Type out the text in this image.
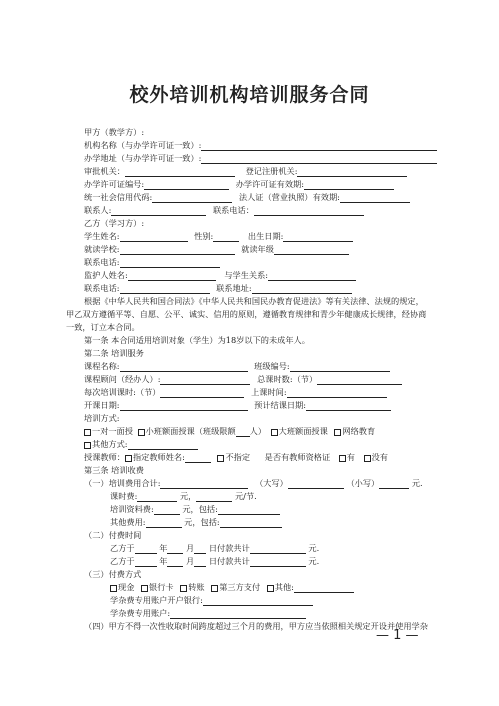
校外培训机构培训服务合同
甲方（教学方）:
机构名称（与办学许可证一致）:
办学地址（与办学许可证一致）:
审批机关：	登记注册机关:
办学许可证编号:	办学许可证有效期:
统一社会信用代码:	法人证（营业执照）有效期:
联系人:	联系电话：
乙方（学习方）:
学生姓名:	性别:	出生日期:
就读学校:	就读年级
联系电话:
监护人姓名:	与学生关系:
联系电话:	联系地址:
根据《中华人民共和国合同法》《中华人民共和国民办教育促进法》等有关法律、法规的规定，
甲乙双方遵循平等、自愿、公平、诚实、信用的原则，遵循教育规律和青少年健康成长规律，经协商
一致，订立本合同。
第一条 本合同适用培训对象（学生）为18岁以下的未成年人。
第二条 培训服务
课程名称:	班级编号:
课程顾问（经办人）:	总课时数:（节）
每次培训课时:（节）	上课时间:
开课日期:	预计结课日期:
培训方式:
一对一面授 小班额面授课（班级限额 人） 大班额面授课 网络教育
其他方式:
授课教师： 指定教师姓名:	不指定 是否有教师资格证 有 没有
第三条 培训收费
（一）培训费用合计:	（大写）	（小写）	元.
课时费:	元，	元/节.
培训资料费:	元，包括:
其他费用:	元，包括:
（二）付费时间
乙方于	年 月 日付款共计	元.
乙方于	年 月 日付款共计	元.
（三）付费方式
现金 银行卡 转账 第三方支付 其他:
学杂费专用账户开户银行:
学杂费专用账户:
（四）甲方不得一次性收取时间跨度超过三个月的费用，甲方应当依照相关规定开设并使用学杂
— 1 —
